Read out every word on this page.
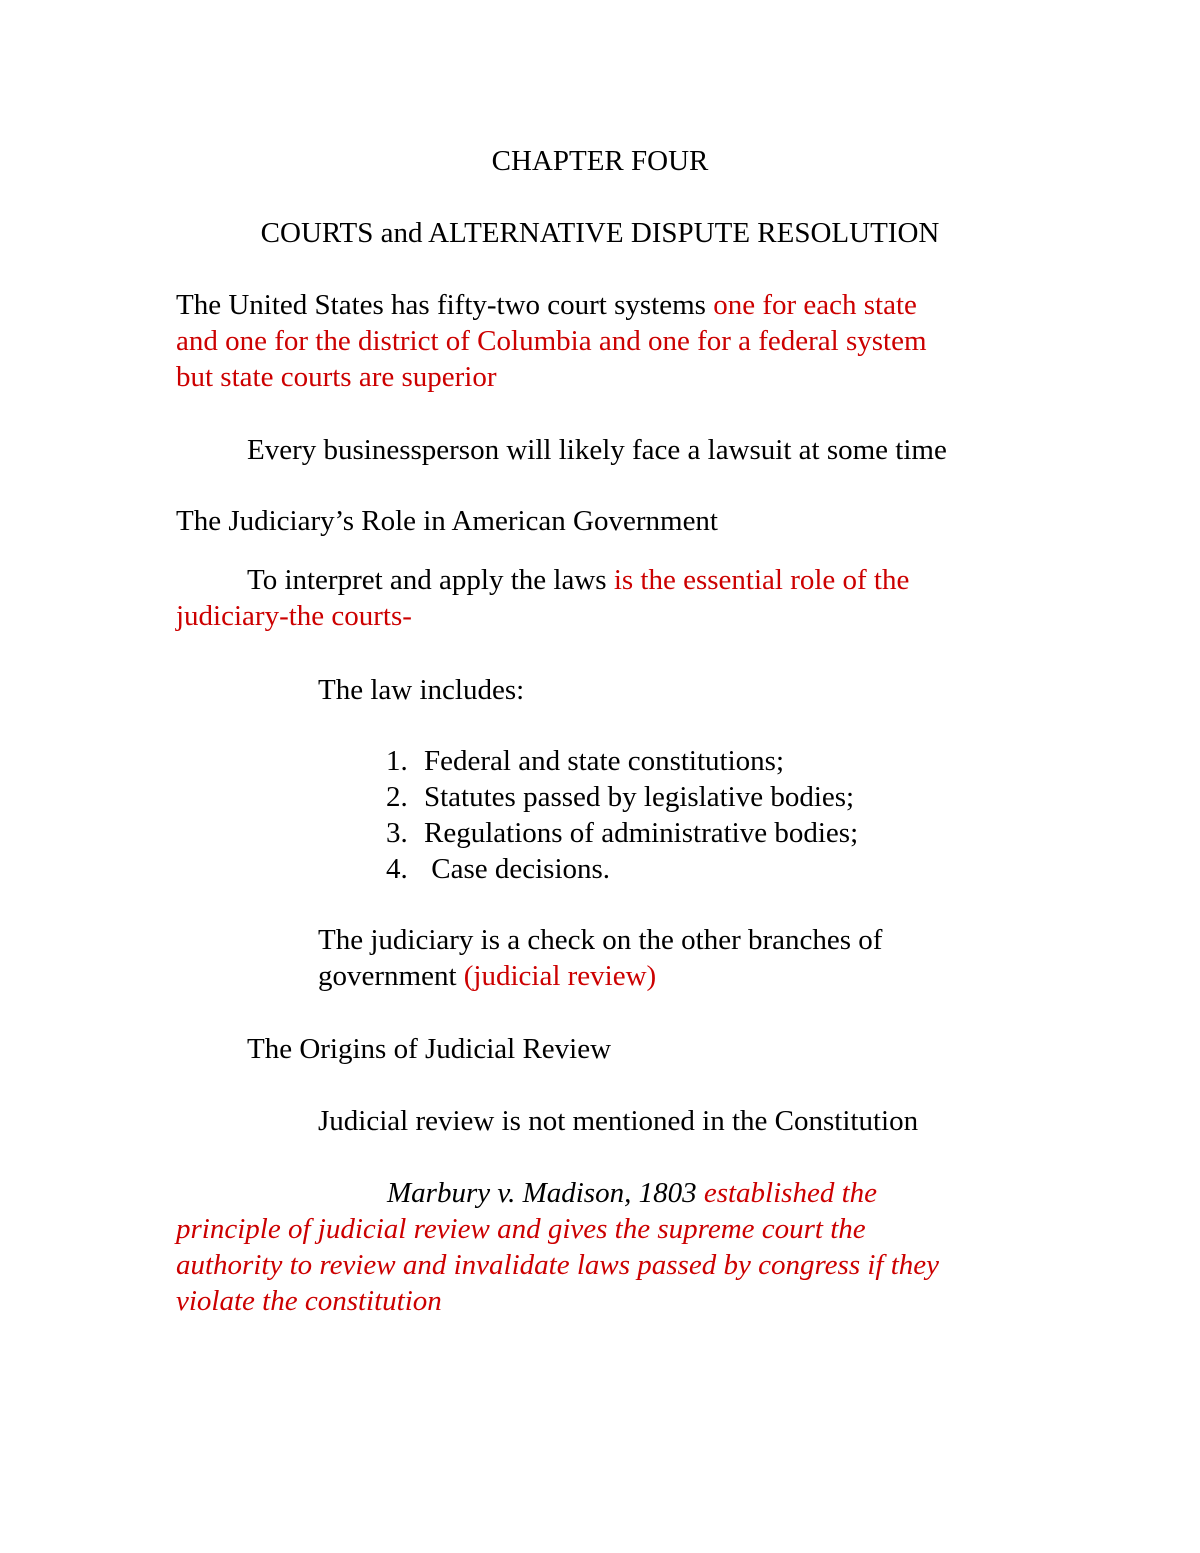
CHAPTER FOUR
COURTS and ALTERNATIVE DISPUTE RESOLUTION
The United States has fifty-two court systems one for each state
and one for the district of Columbia and one for a federal system
but state courts are superior
Every businessperson will likely face a lawsuit at some time
The Judiciary’s Role in American Government
To interpret and apply the laws is the essential role of the
judiciary-the courts-
The law includes:
1. Federal and state constitutions;
2. Statutes passed by legislative bodies;
3. Regulations of administrative bodies;
4. Case decisions.
The judiciary is a check on the other branches of
government (judicial review)
The Origins of Judicial Review
Judicial review is not mentioned in the Constitution
Marbury v. Madison, 1803 established the
principle of judicial review and gives the supreme court the
authority to review and invalidate laws passed by congress if they
violate the constitution
